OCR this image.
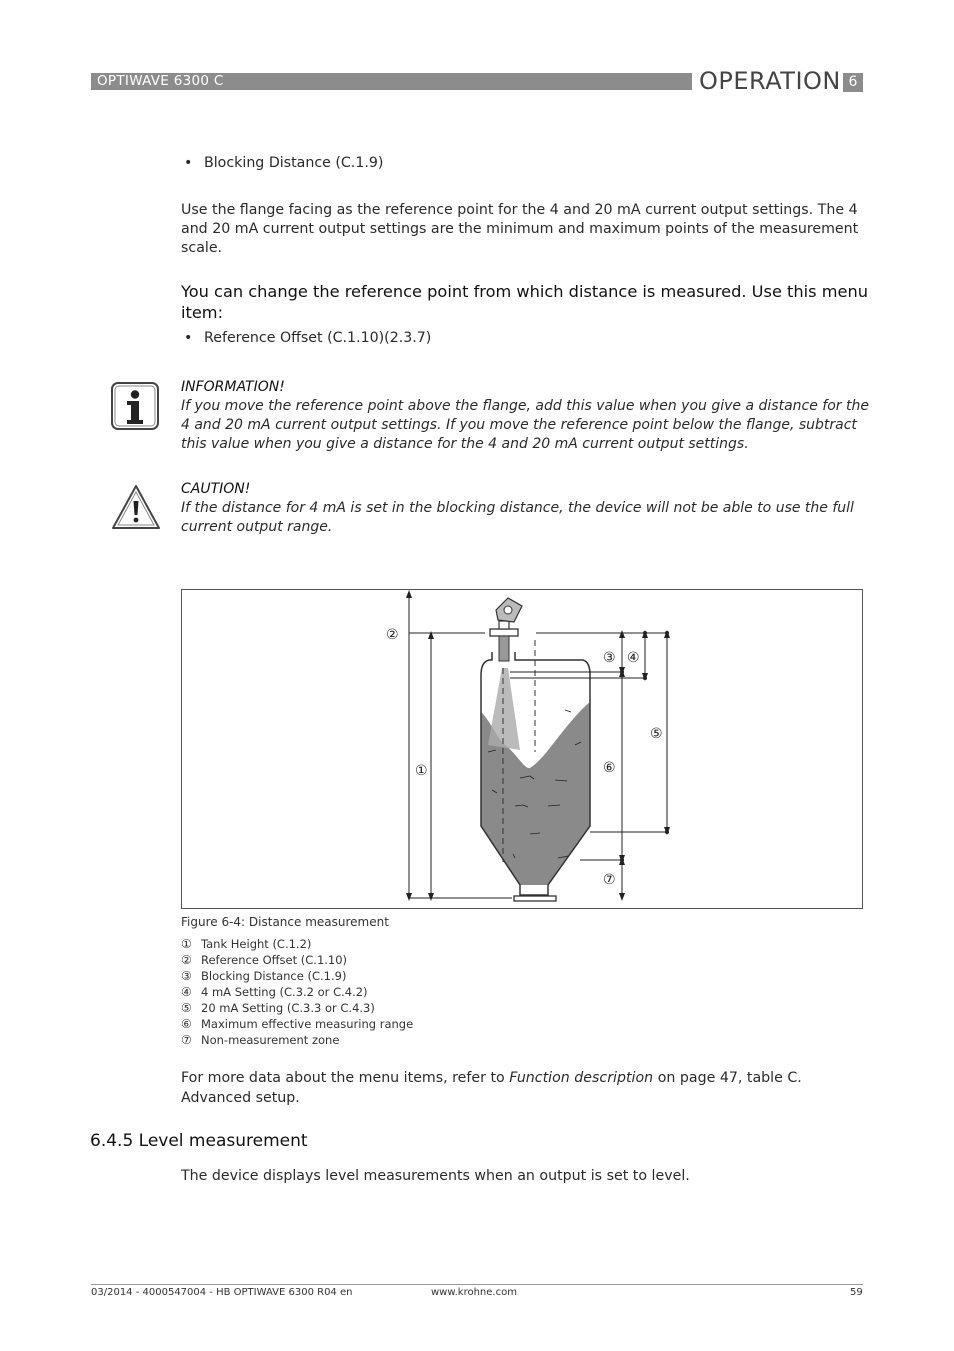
OPTIWAVE 6300 C	OPERATION 6
• Blocking Distance (C.1.9)
Use the flange facing as the reference point for the 4 and 20 mA current output settings. The 4
and 20 mA current output settings are the minimum and maximum points of the measurement
scale.
You can change the reference point from which distance is measured. Use this menu
item:
• Reference Offset (C.1.10)(2.3.7)
INFORMATION!
If you move the reference point above the flange, add this value when you give a distance for the
4 and 20 mA current output settings. If you move the reference point below the flange, subtract
this value when you give a distance for the 4 and 20 mA current output settings.
CAUTION!
If the distance for 4 mA is set in the blocking distance, the device will not be able to use the full
current output range.
②
①
③ ④
⑤
⑥
⑦
Figure 6-4: Distance measurement
① Tank Height (C.1.2)
② Reference Offset (C.1.10)
③ Blocking Distance (C.1.9)
④ 4 mA Setting (C.3.2 or C.4.2)
⑤ 20 mA Setting (C.3.3 or C.4.3)
⑥ Maximum effective measuring range
⑦ Non-measurement zone
For more data about the menu items, refer to Function description on page 47, table C.
Advanced setup.
6.4.5 Level measurement
The device displays level measurements when an output is set to level.
03/2014 - 4000547004 - HB OPTIWAVE 6300 R04 en	www.krohne.com	59
